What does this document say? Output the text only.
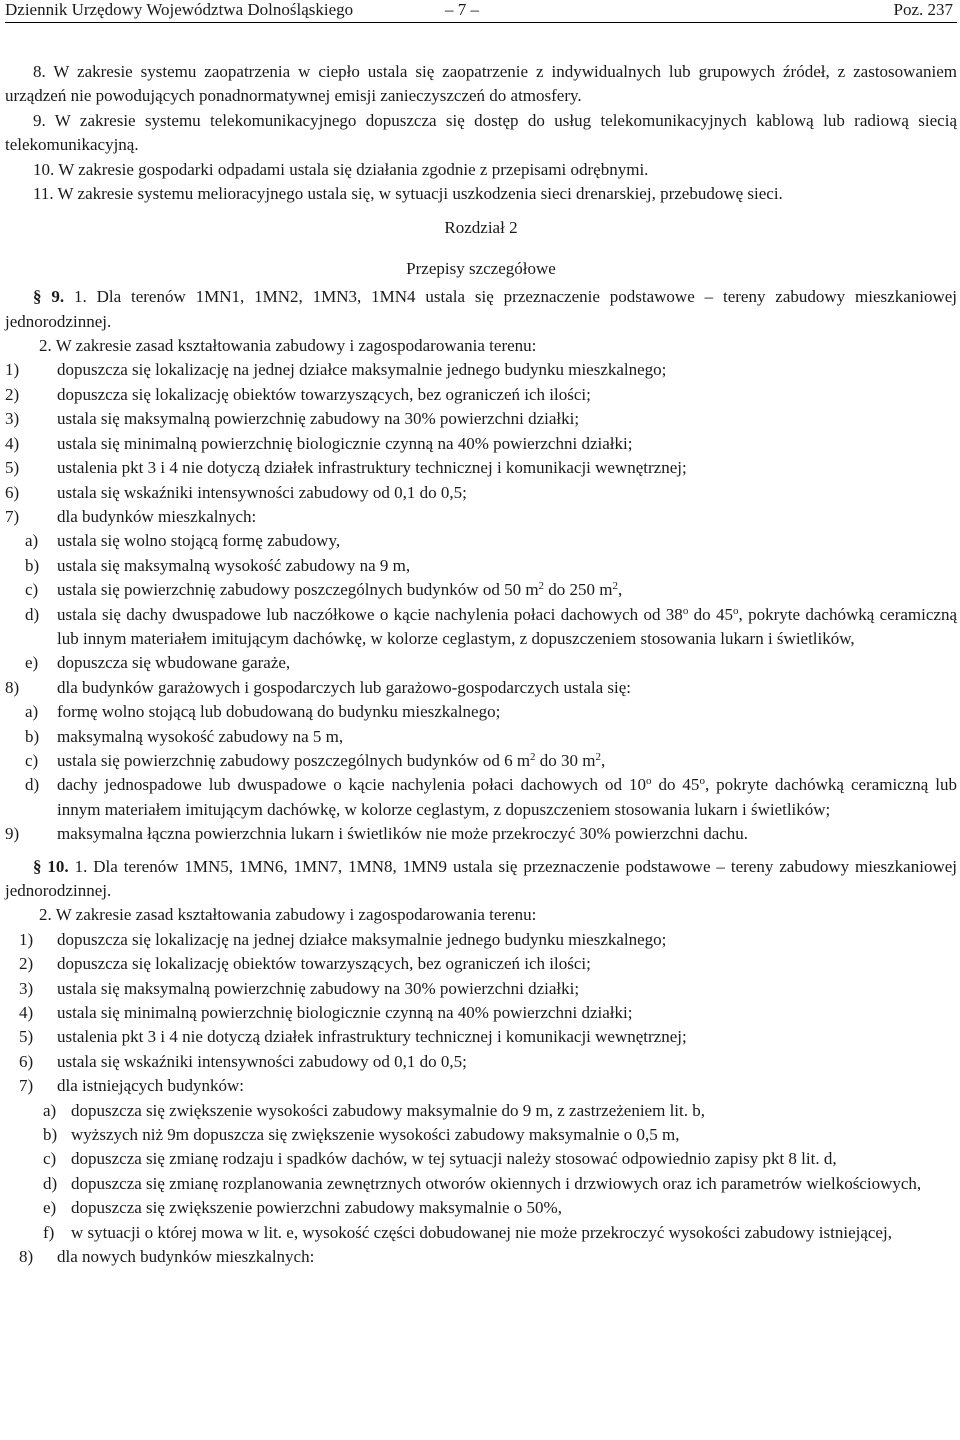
Dziennik Urzędowy Województwa Dolnośląskiego	– 7 –	Poz. 237

8. W zakresie systemu zaopatrzenia w ciepło ustala się zaopatrzenie z indywidualnych lub grupowych źródeł, z zastosowaniem urządzeń nie powodujących ponadnormatywnej emisji zanieczyszczeń do atmosfery.

9. W zakresie systemu telekomunikacyjnego dopuszcza się dostęp do usług telekomunikacyjnych kablową lub radiową siecią telekomunikacyjną.

10. W zakresie gospodarki odpadami ustala się działania zgodnie z przepisami odrębnymi.

11. W zakresie systemu melioracyjnego ustala się, w sytuacji uszkodzenia sieci drenarskiej, przebudowę sieci.

Rozdział 2

Przepisy szczegółowe

§ 9. 1. Dla terenów 1MN1, 1MN2, 1MN3, 1MN4 ustala się przeznaczenie podstawowe – tereny zabudowy mieszkaniowej jednorodzinnej.

2. W zakresie zasad kształtowania zabudowy i zagospodarowania terenu:

1) dopuszcza się lokalizację na jednej działce maksymalnie jednego budynku mieszkalnego;

2) dopuszcza się lokalizację obiektów towarzyszących, bez ograniczeń ich ilości;

3) ustala się maksymalną powierzchnię zabudowy na 30% powierzchni działki;

4) ustala się minimalną powierzchnię biologicznie czynną na 40% powierzchni działki;

5) ustalenia pkt 3 i 4 nie dotyczą działek infrastruktury technicznej i komunikacji wewnętrznej;

6) ustala się wskaźniki intensywności zabudowy od 0,1 do 0,5;

7) dla budynków mieszkalnych:

a) ustala się wolno stojącą formę zabudowy,

b) ustala się maksymalną wysokość zabudowy na 9 m,

c) ustala się powierzchnię zabudowy poszczególnych budynków od 50 $m^2$ do 250 $m^2$,

d) ustala się dachy dwuspadowe lub naczółkowe o kącie nachylenia połaci dachowych od 38$^o$ do 45$^o$, pokryte dachówką ceramiczną lub innym materiałem imitującym dachówkę, w kolorze ceglastym, z dopuszczeniem stosowania lukarn i świetlików,

e) dopuszcza się wbudowane garaże,

8) dla budynków garażowych i gospodarczych lub garażowo-gospodarczych ustala się:

a) formę wolno stojącą lub dobudowaną do budynku mieszkalnego;

b) maksymalną wysokość zabudowy na 5 m,

c) ustala się powierzchnię zabudowy poszczególnych budynków od 6 $m^2$ do 30 $m^2$,

d) dachy jednospadowe lub dwuspadowe o kącie nachylenia połaci dachowych od 10$^o$ do 45$^o$, pokryte dachówką ceramiczną lub innym materiałem imitującym dachówkę, w kolorze ceglastym, z dopuszczeniem stosowania lukarn i świetlików;

9) maksymalna łączna powierzchnia lukarn i świetlików nie może przekroczyć 30% powierzchni dachu.

§ 10. 1. Dla terenów 1MN5, 1MN6, 1MN7, 1MN8, 1MN9 ustala się przeznaczenie podstawowe – tereny zabudowy mieszkaniowej jednorodzinnej.

2. W zakresie zasad kształtowania zabudowy i zagospodarowania terenu:

1) dopuszcza się lokalizację na jednej działce maksymalnie jednego budynku mieszkalnego;

2) dopuszcza się lokalizację obiektów towarzyszących, bez ograniczeń ich ilości;

3) ustala się maksymalną powierzchnię zabudowy na 30% powierzchni działki;

4) ustala się minimalną powierzchnię biologicznie czynną na 40% powierzchni działki;

5) ustalenia pkt 3 i 4 nie dotyczą działek infrastruktury technicznej i komunikacji wewnętrznej;

6) ustala się wskaźniki intensywności zabudowy od 0,1 do 0,5;

7) dla istniejących budynków:

a) dopuszcza się zwiększenie wysokości zabudowy maksymalnie do 9 m, z zastrzeżeniem lit. b,

b) wyższych niż 9m dopuszcza się zwiększenie wysokości zabudowy maksymalnie o 0,5 m,

c) dopuszcza się zmianę rodzaju i spadków dachów, w tej sytuacji należy stosować odpowiednio zapisy pkt 8 lit. d,

d) dopuszcza się zmianę rozplanowania zewnętrznych otworów okiennych i drzwiowych oraz ich parametrów wielkościowych,

e) dopuszcza się zwiększenie powierzchni zabudowy maksymalnie o 50%,

f) w sytuacji o której mowa w lit. e, wysokość części dobudowanej nie może przekroczyć wysokości zabudowy istniejącej,

8) dla nowych budynków mieszkalnych:
